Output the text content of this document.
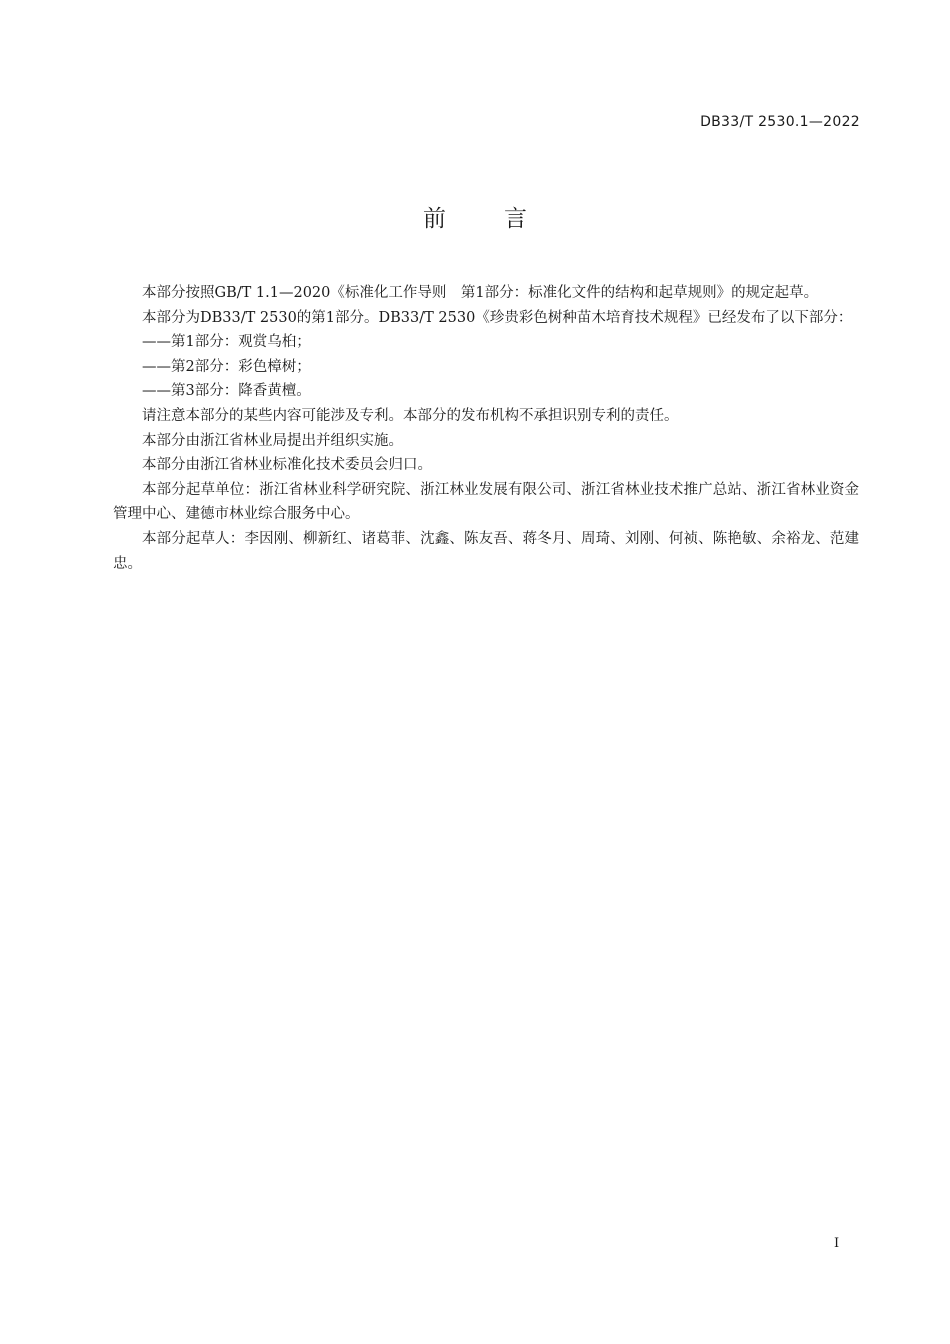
DB33/T 2530.1—2022
前	言

本部分按照GB/T 1.1—2020《标准化工作导则　第1部分：标准化文件的结构和起草规则》的规定起草。

本部分为DB33/T 2530的第1部分。DB33/T 2530《珍贵彩色树种苗木培育技术规程》已经发布了以下部分：

——第1部分：观赏乌桕；

——第2部分：彩色樟树；

——第3部分：降香黄檀。

请注意本部分的某些内容可能涉及专利。本部分的发布机构不承担识别专利的责任。

本部分由浙江省林业局提出并组织实施。

本部分由浙江省林业标准化技术委员会归口。

本部分起草单位：浙江省林业科学研究院、浙江林业发展有限公司、浙江省林业技术推广总站、浙江省林业资金管理中心、建德市林业综合服务中心。

本部分起草人：李因刚、柳新红、诸葛菲、沈鑫、陈友吾、蒋冬月、周琦、刘刚、何祯、陈艳敏、余裕龙、范建忠。

I
